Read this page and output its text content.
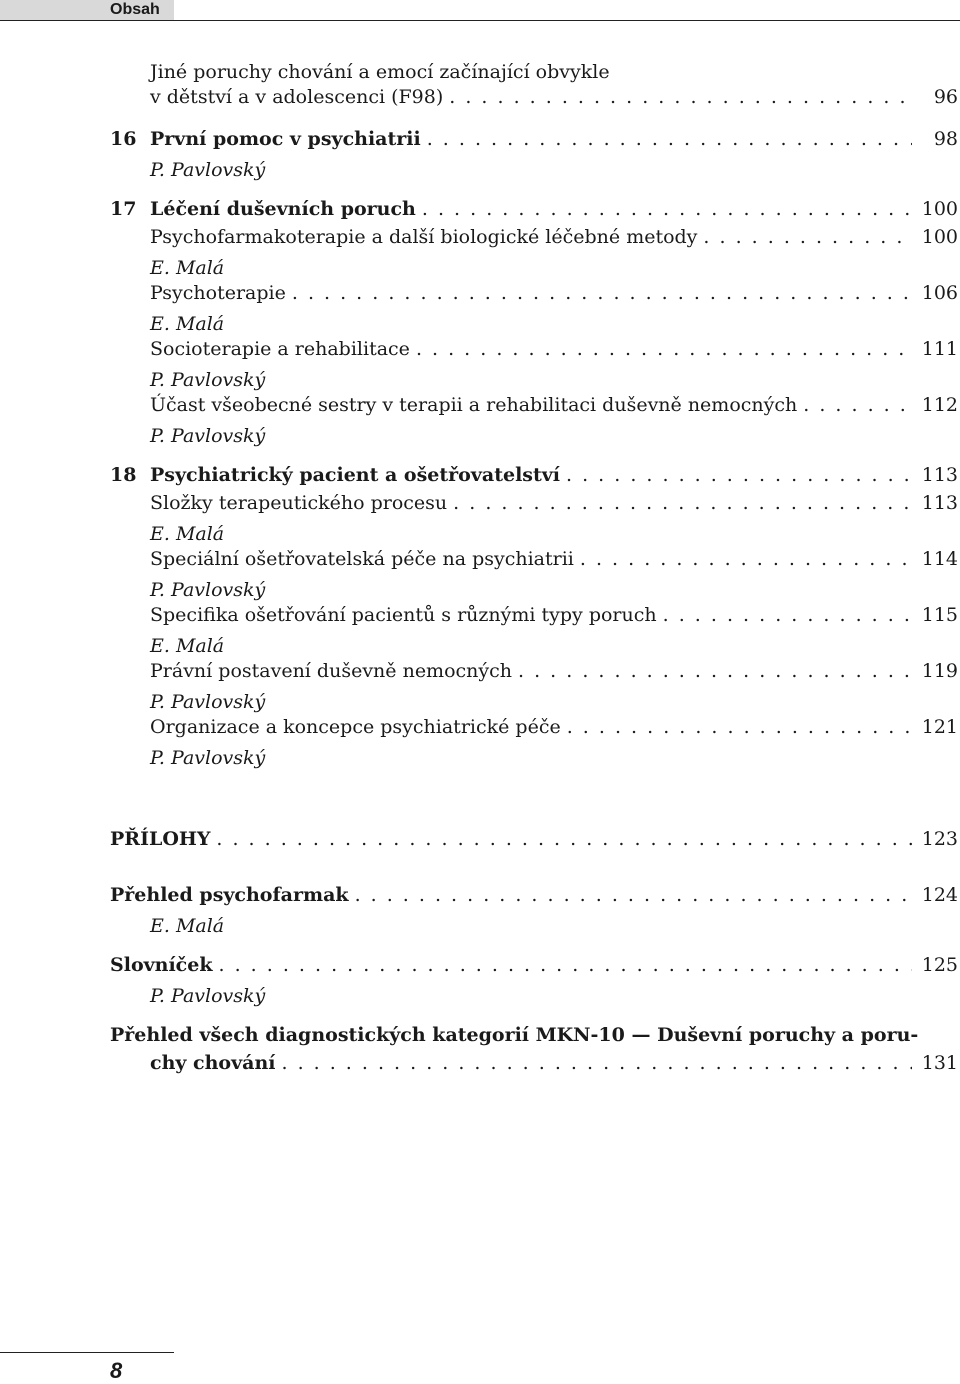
Obsah
Jiné poruchy chování a emocí začínající obvykle
v dětství a v adolescenci (F98) . . .	96
16 První pomoc v psychiatrii . . .	98
P. Pavlovský
17 Léčení duševních poruch . . .	100
Psychofarmakoterapie a další biologické léčebné metody . . .	100
E. Malá
Psychoterapie . . .	106
E. Malá
Socioterapie a rehabilitace . . .	111
P. Pavlovský
Účast všeobecné sestry v terapii a rehabilitaci duševně nemocných . . .	112
P. Pavlovský
18 Psychiatrický pacient a ošetřovatelství . . .	113
Složky terapeutického procesu . . .	113
E. Malá
Speciální ošetřovatelská péče na psychiatrii . . .	114
P. Pavlovský
Specifika ošetřování pacientů s různými typy poruch . . .	115
E. Malá
Právní postavení duševně nemocných . . .	119
P. Pavlovský
Organizace a koncepce psychiatrické péče . . .	121
P. Pavlovský
PŘÍLOHY . . .	123
Přehled psychofarmak . . .	124
E. Malá
Slovníček . . .	125
P. Pavlovský
Přehled všech diagnostických kategorií MKN-10 — Duševní poruchy a poru-
chy chování . . .	131
8
